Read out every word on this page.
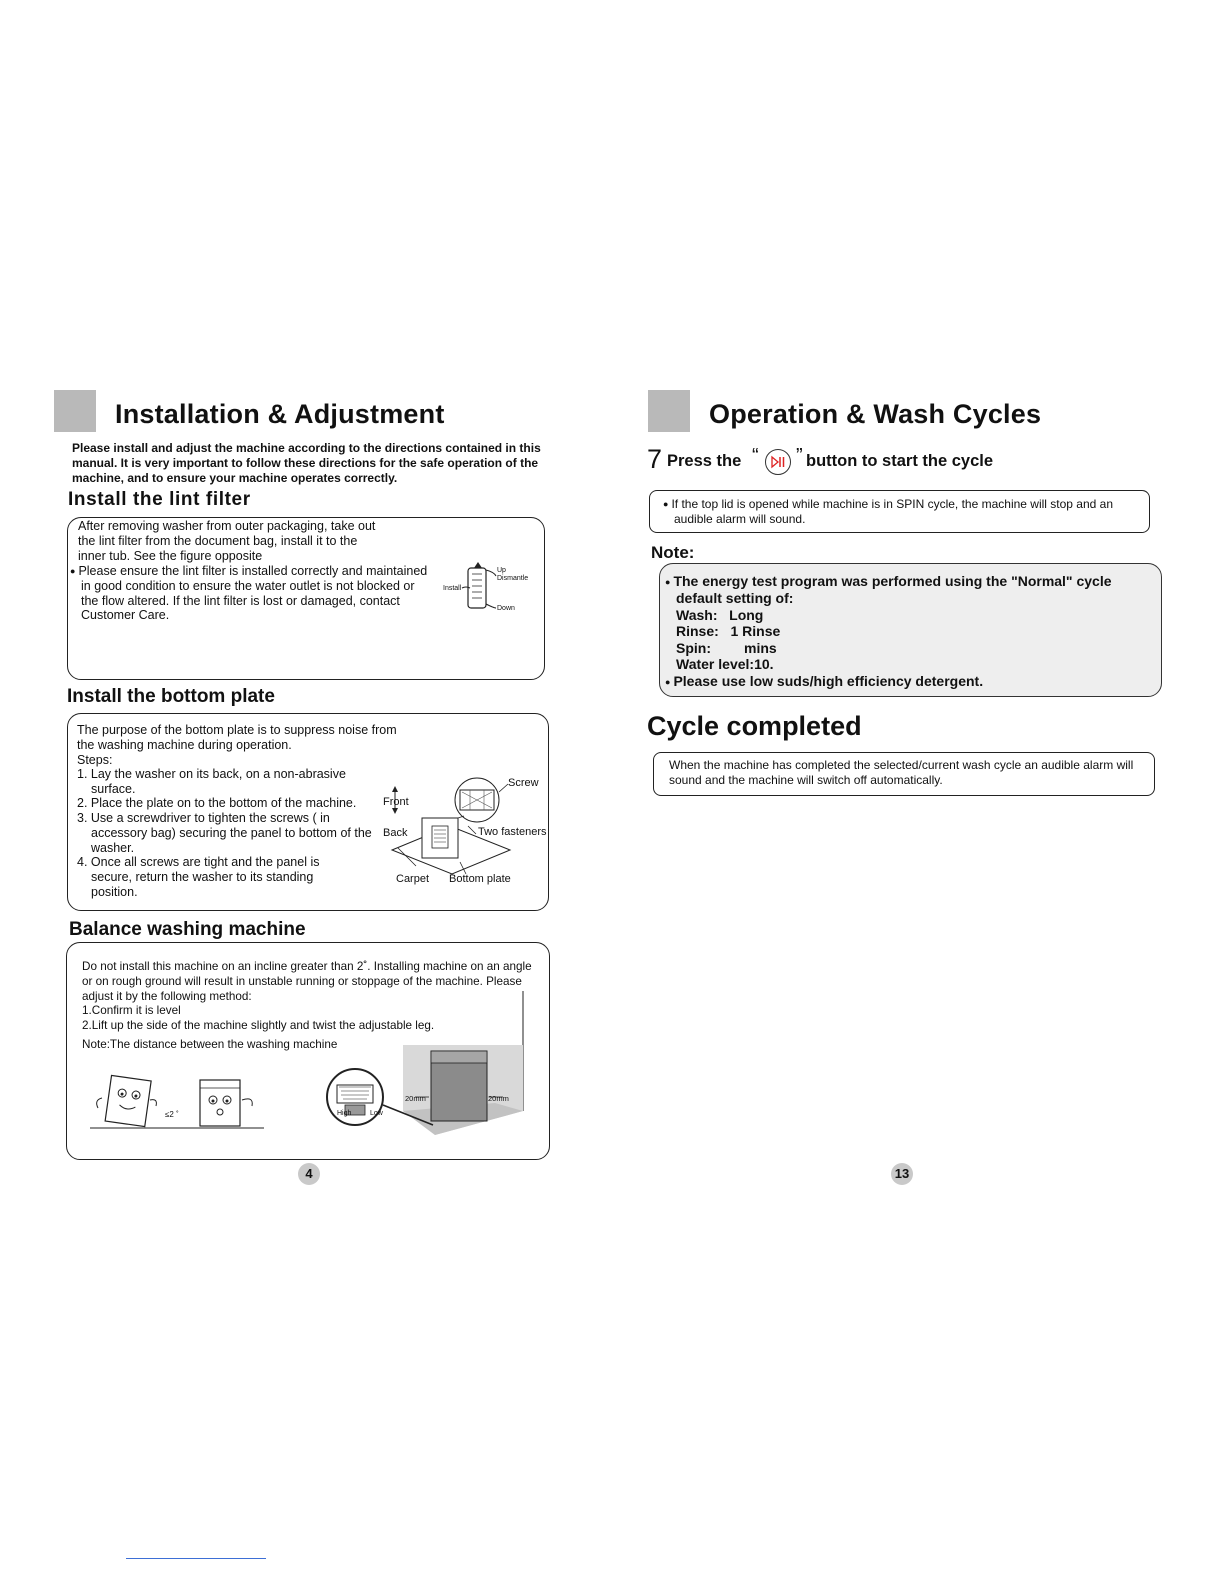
Installation & Adjustment
Please install and adjust the machine according to the directions contained in this manual. It is very important to follow these directions for the safe operation of the machine, and to ensure your machine operates correctly.
Install the lint filter
After removing washer from outer packaging, take out the lint filter from the document bag, install it to the inner tub. See the figure opposite
● Please ensure the lint filter is installed correctly and maintained in good condition to ensure the water outlet is not blocked or the flow altered. If the lint filter is lost or damaged, contact Customer Care.
Up
Dismantle
Install
Down
Install the bottom plate
The purpose of the bottom plate is to suppress noise from the washing machine during operation.
Steps:
1. Lay the washer on its back, on a non-abrasive surface.
2. Place the plate on to the bottom of the machine.
3. Use a screwdriver to tighten the screws ( in accessory bag) securing the panel to bottom of the washer.
4. Once all screws are tight and the panel is secure, return the washer to its standing position.
Screw
Front
Back	Two fasteners
Carpet Bottom plate
Balance washing machine
Do not install this machine on an incline greater than 2˚. Installing machine on an angle or on rough ground will result in unstable running or stoppage of the machine. Please adjust it by the following method:
1.Confirm it is level
2.Lift up the side of the machine slightly and twist the adjustable leg.
Note:The distance between the washing machine
≤2 ˚	High	Low
20mm	20mm
4
Operation & Wash Cycles
7 Press the “ ” button to start the cycle
● If the top lid is opened while machine is in SPIN cycle, the machine will stop and an audible alarm will sound.
Note:
● The energy test program was performed using the "Normal" cycle default setting of:
Wash: Long
Rinse: 1 Rinse
Spin: mins
Water level:10.
● Please use low suds/high efficiency detergent.
Cycle completed
When the machine has completed the selected/current wash cycle an audible alarm will sound and the machine will switch off automatically.
13
